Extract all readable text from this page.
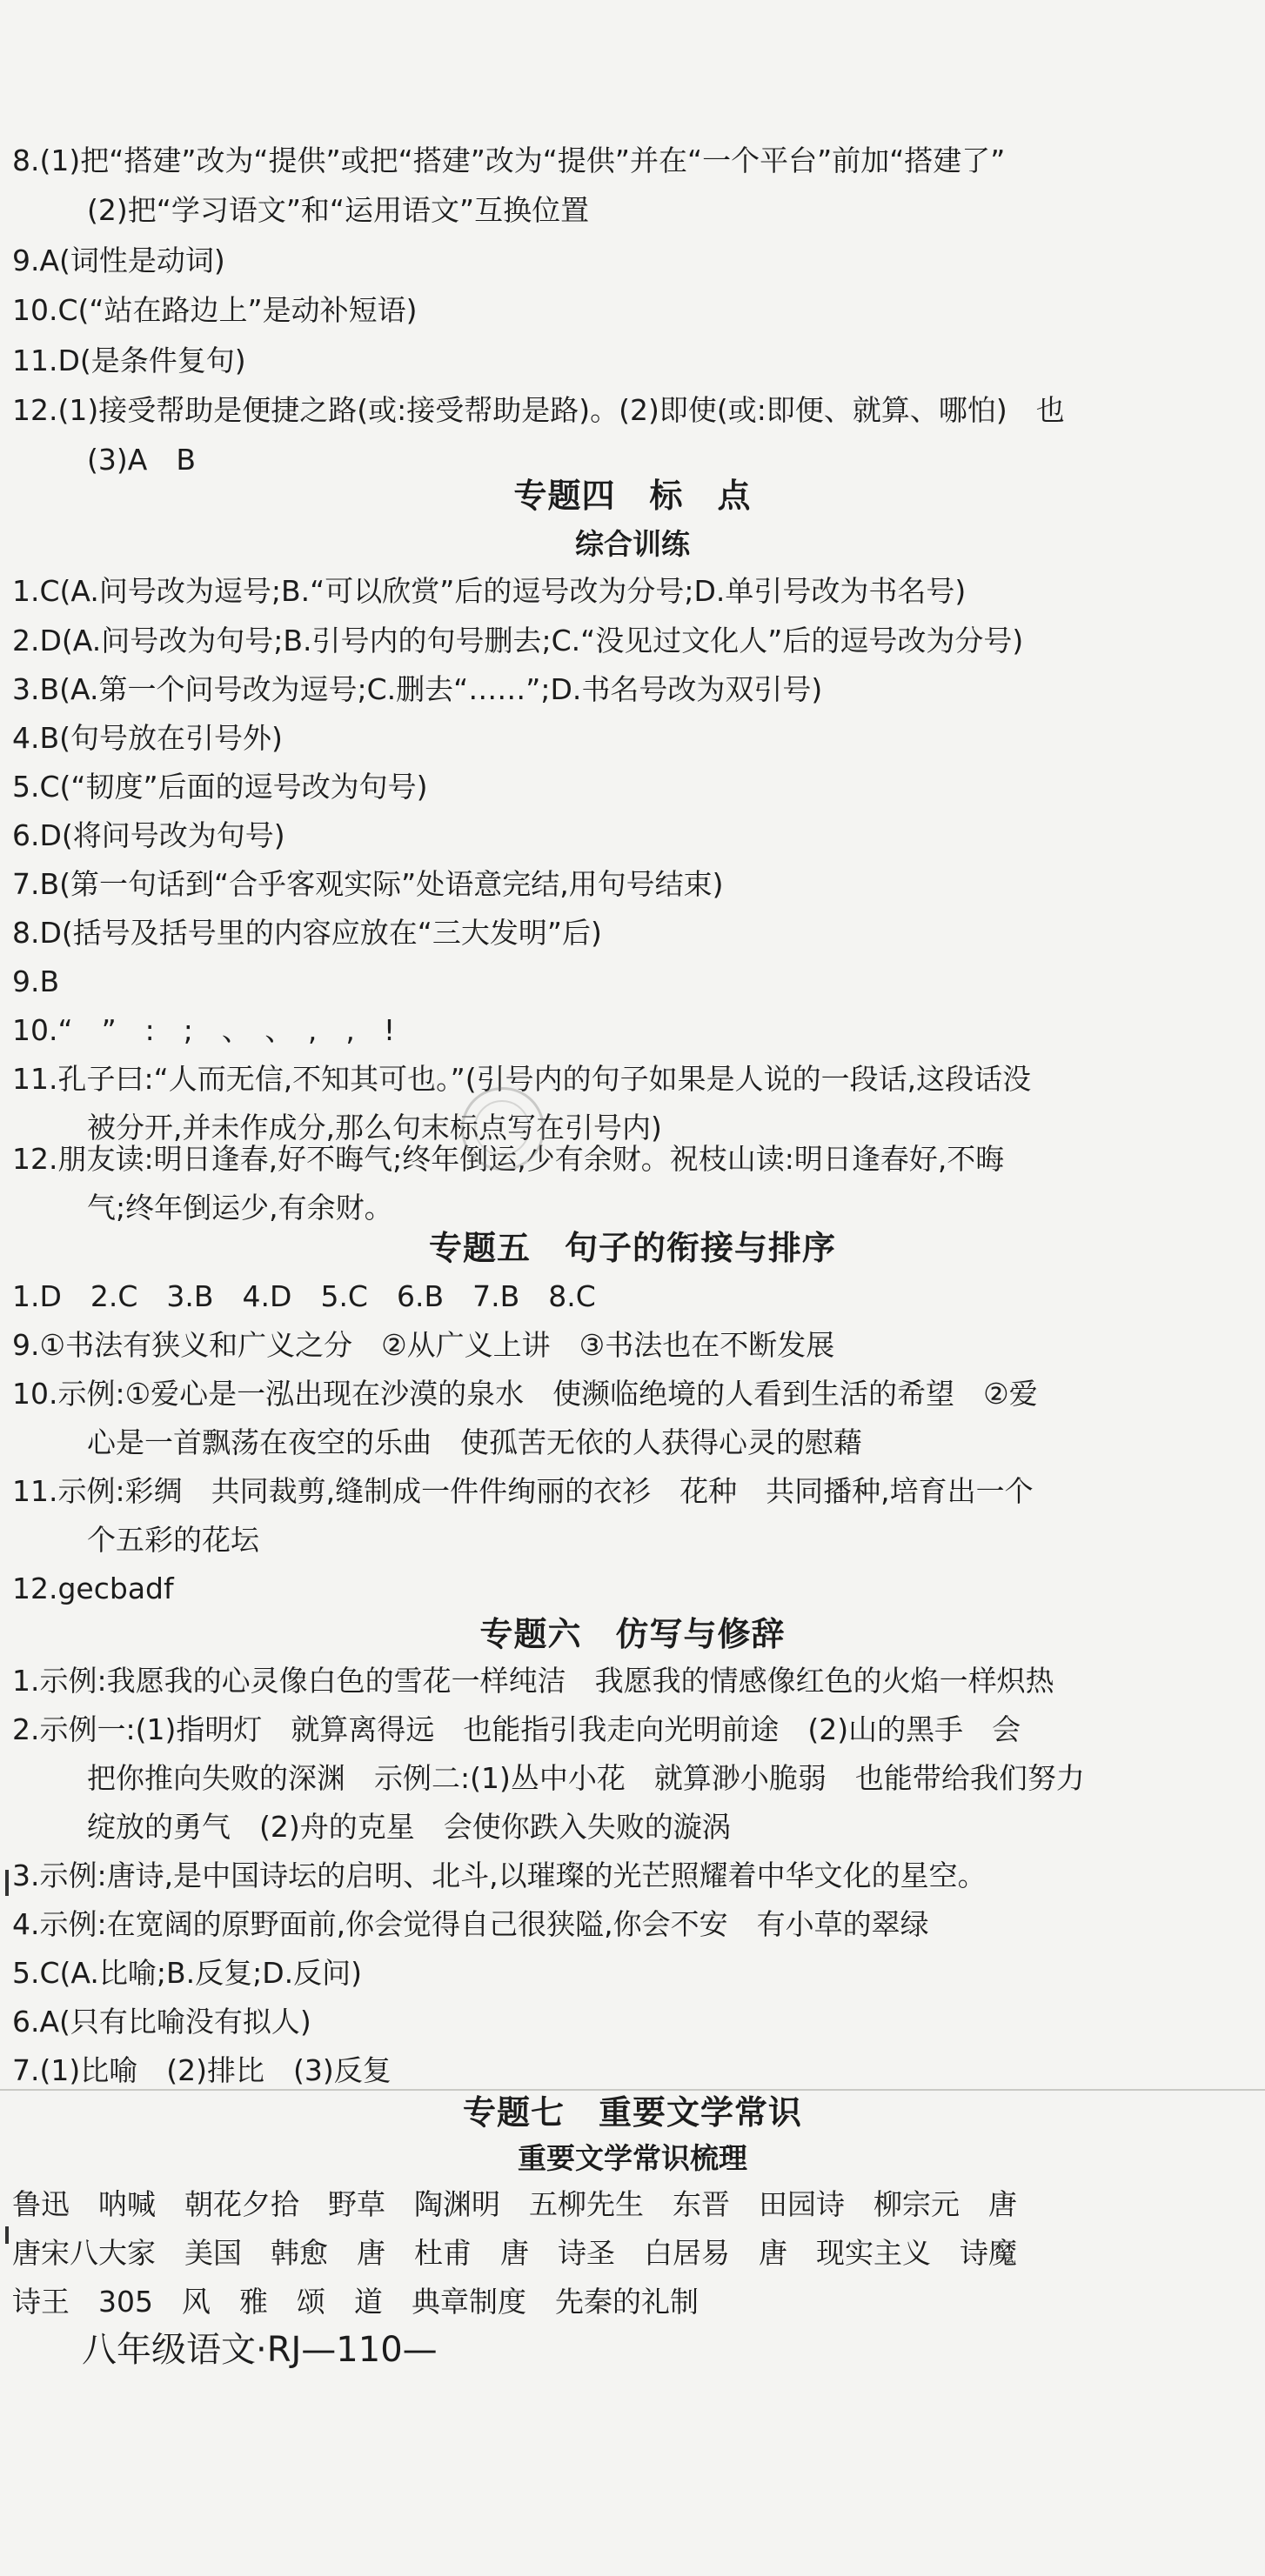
8.(1)把“搭建”改为“提供”或把“搭建”改为“提供”并在“一个平台”前加“搭建了”
(2)把“学习语文”和“运用语文”互换位置
9.A(词性是动词)
10.C(“站在路边上”是动补短语)
11.D(是条件复句)
12.(1)接受帮助是便捷之路(或:接受帮助是路)。(2)即使(或:即便、就算、哪怕)　也
(3)A　B
专题四　标　点
综合训练
1.C(A.问号改为逗号;B.“可以欣赏”后的逗号改为分号;D.单引号改为书名号)
2.D(A.问号改为句号;B.引号内的句号删去;C.“没见过文化人”后的逗号改为分号)
3.B(A.第一个问号改为逗号;C.删去“……”;D.书名号改为双引号)
4.B(句号放在引号外)
5.C(“韧度”后面的逗号改为句号)
6.D(将问号改为句号)
7.B(第一句话到“合乎客观实际”处语意完结,用句号结束)
8.D(括号及括号里的内容应放在“三大发明”后)
9.B
10.“　”　:　;　、　、　,　,　!
11.孔子曰:“人而无信,不知其可也。”(引号内的句子如果是人说的一段话,这段话没
被分开,并未作成分,那么句末标点写在引号内)
12.朋友读:明日逢春,好不晦气;终年倒运,少有余财。祝枝山读:明日逢春好,不晦
气;终年倒运少,有余财。
专题五　句子的衔接与排序
1.D　2.C　3.B　4.D　5.C　6.B　7.B　8.C
9.①书法有狭义和广义之分　②从广义上讲　③书法也在不断发展
10.示例:①爱心是一泓出现在沙漠的泉水　使濒临绝境的人看到生活的希望　②爱
心是一首飘荡在夜空的乐曲　使孤苦无依的人获得心灵的慰藉
11.示例:彩绸　共同裁剪,缝制成一件件绚丽的衣衫　花种　共同播种,培育出一个
个五彩的花坛
12.gecbadf
专题六　仿写与修辞
1.示例:我愿我的心灵像白色的雪花一样纯洁　我愿我的情感像红色的火焰一样炽热
2.示例一:(1)指明灯　就算离得远　也能指引我走向光明前途　(2)山的黑手　会
把你推向失败的深渊　示例二:(1)丛中小花　就算渺小脆弱　也能带给我们努力
绽放的勇气　(2)舟的克星　会使你跌入失败的漩涡
3.示例:唐诗,是中国诗坛的启明、北斗,以璀璨的光芒照耀着中华文化的星空。
4.示例:在宽阔的原野面前,你会觉得自己很狭隘,你会不安　有小草的翠绿
5.C(A.比喻;B.反复;D.反问)
6.A(只有比喻没有拟人)
7.(1)比喻　(2)排比　(3)反复
专题七　重要文学常识
重要文学常识梳理
鲁迅　呐喊　朝花夕拾　野草　陶渊明　五柳先生　东晋　田园诗　柳宗元　唐
唐宋八大家　美国　韩愈　唐　杜甫　唐　诗圣　白居易　唐　现实主义　诗魔
诗王　305　风　雅　颂　道　典章制度　先秦的礼制
八年级语文·RJ—110—
